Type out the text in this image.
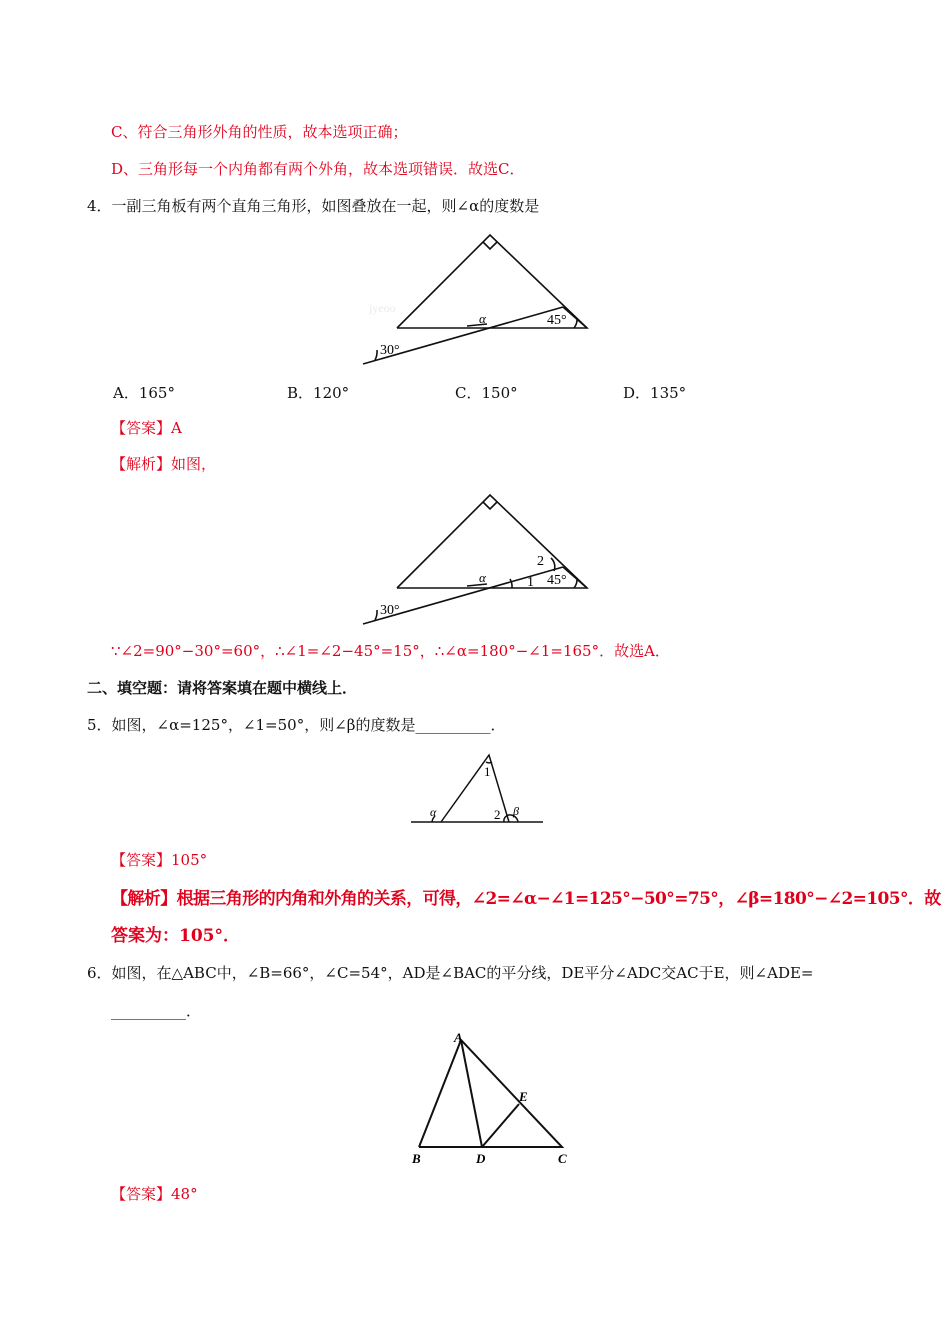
C、符合三角形外角的性质，故本选项正确；
D、三角形每一个内角都有两个外角，故本选项错误．故选C．
4．一副三角板有两个直角三角形，如图叠放在一起，则∠α的度数是
α
30°
45°
jyeoo
A．165°	B．120°	C．150°	D．135°
【答案】A
【解析】如图，
α
30°
45°
2
1
∵∠2=90°−30°=60°，∴∠1=∠2−45°=15°，∴∠α=180°−∠1=165°．故选A．
二、填空题：请将答案填在题中横线上．
5．如图，∠α=125°，∠1=50°，则∠β的度数是__________．
α	β
1
2
【答案】105°
【解析】根据三角形的内角和外角的关系，可得，∠2=∠α−∠1=125°−50°=75°，∠β=180°−∠2=105°．故
答案为：105°．
6．如图，在△ABC中，∠B=66°，∠C=54°，AD是∠BAC的平分线，DE平分∠ADC交AC于E，则∠ADE=
__________．
A
B	D	C
E
【答案】48°
